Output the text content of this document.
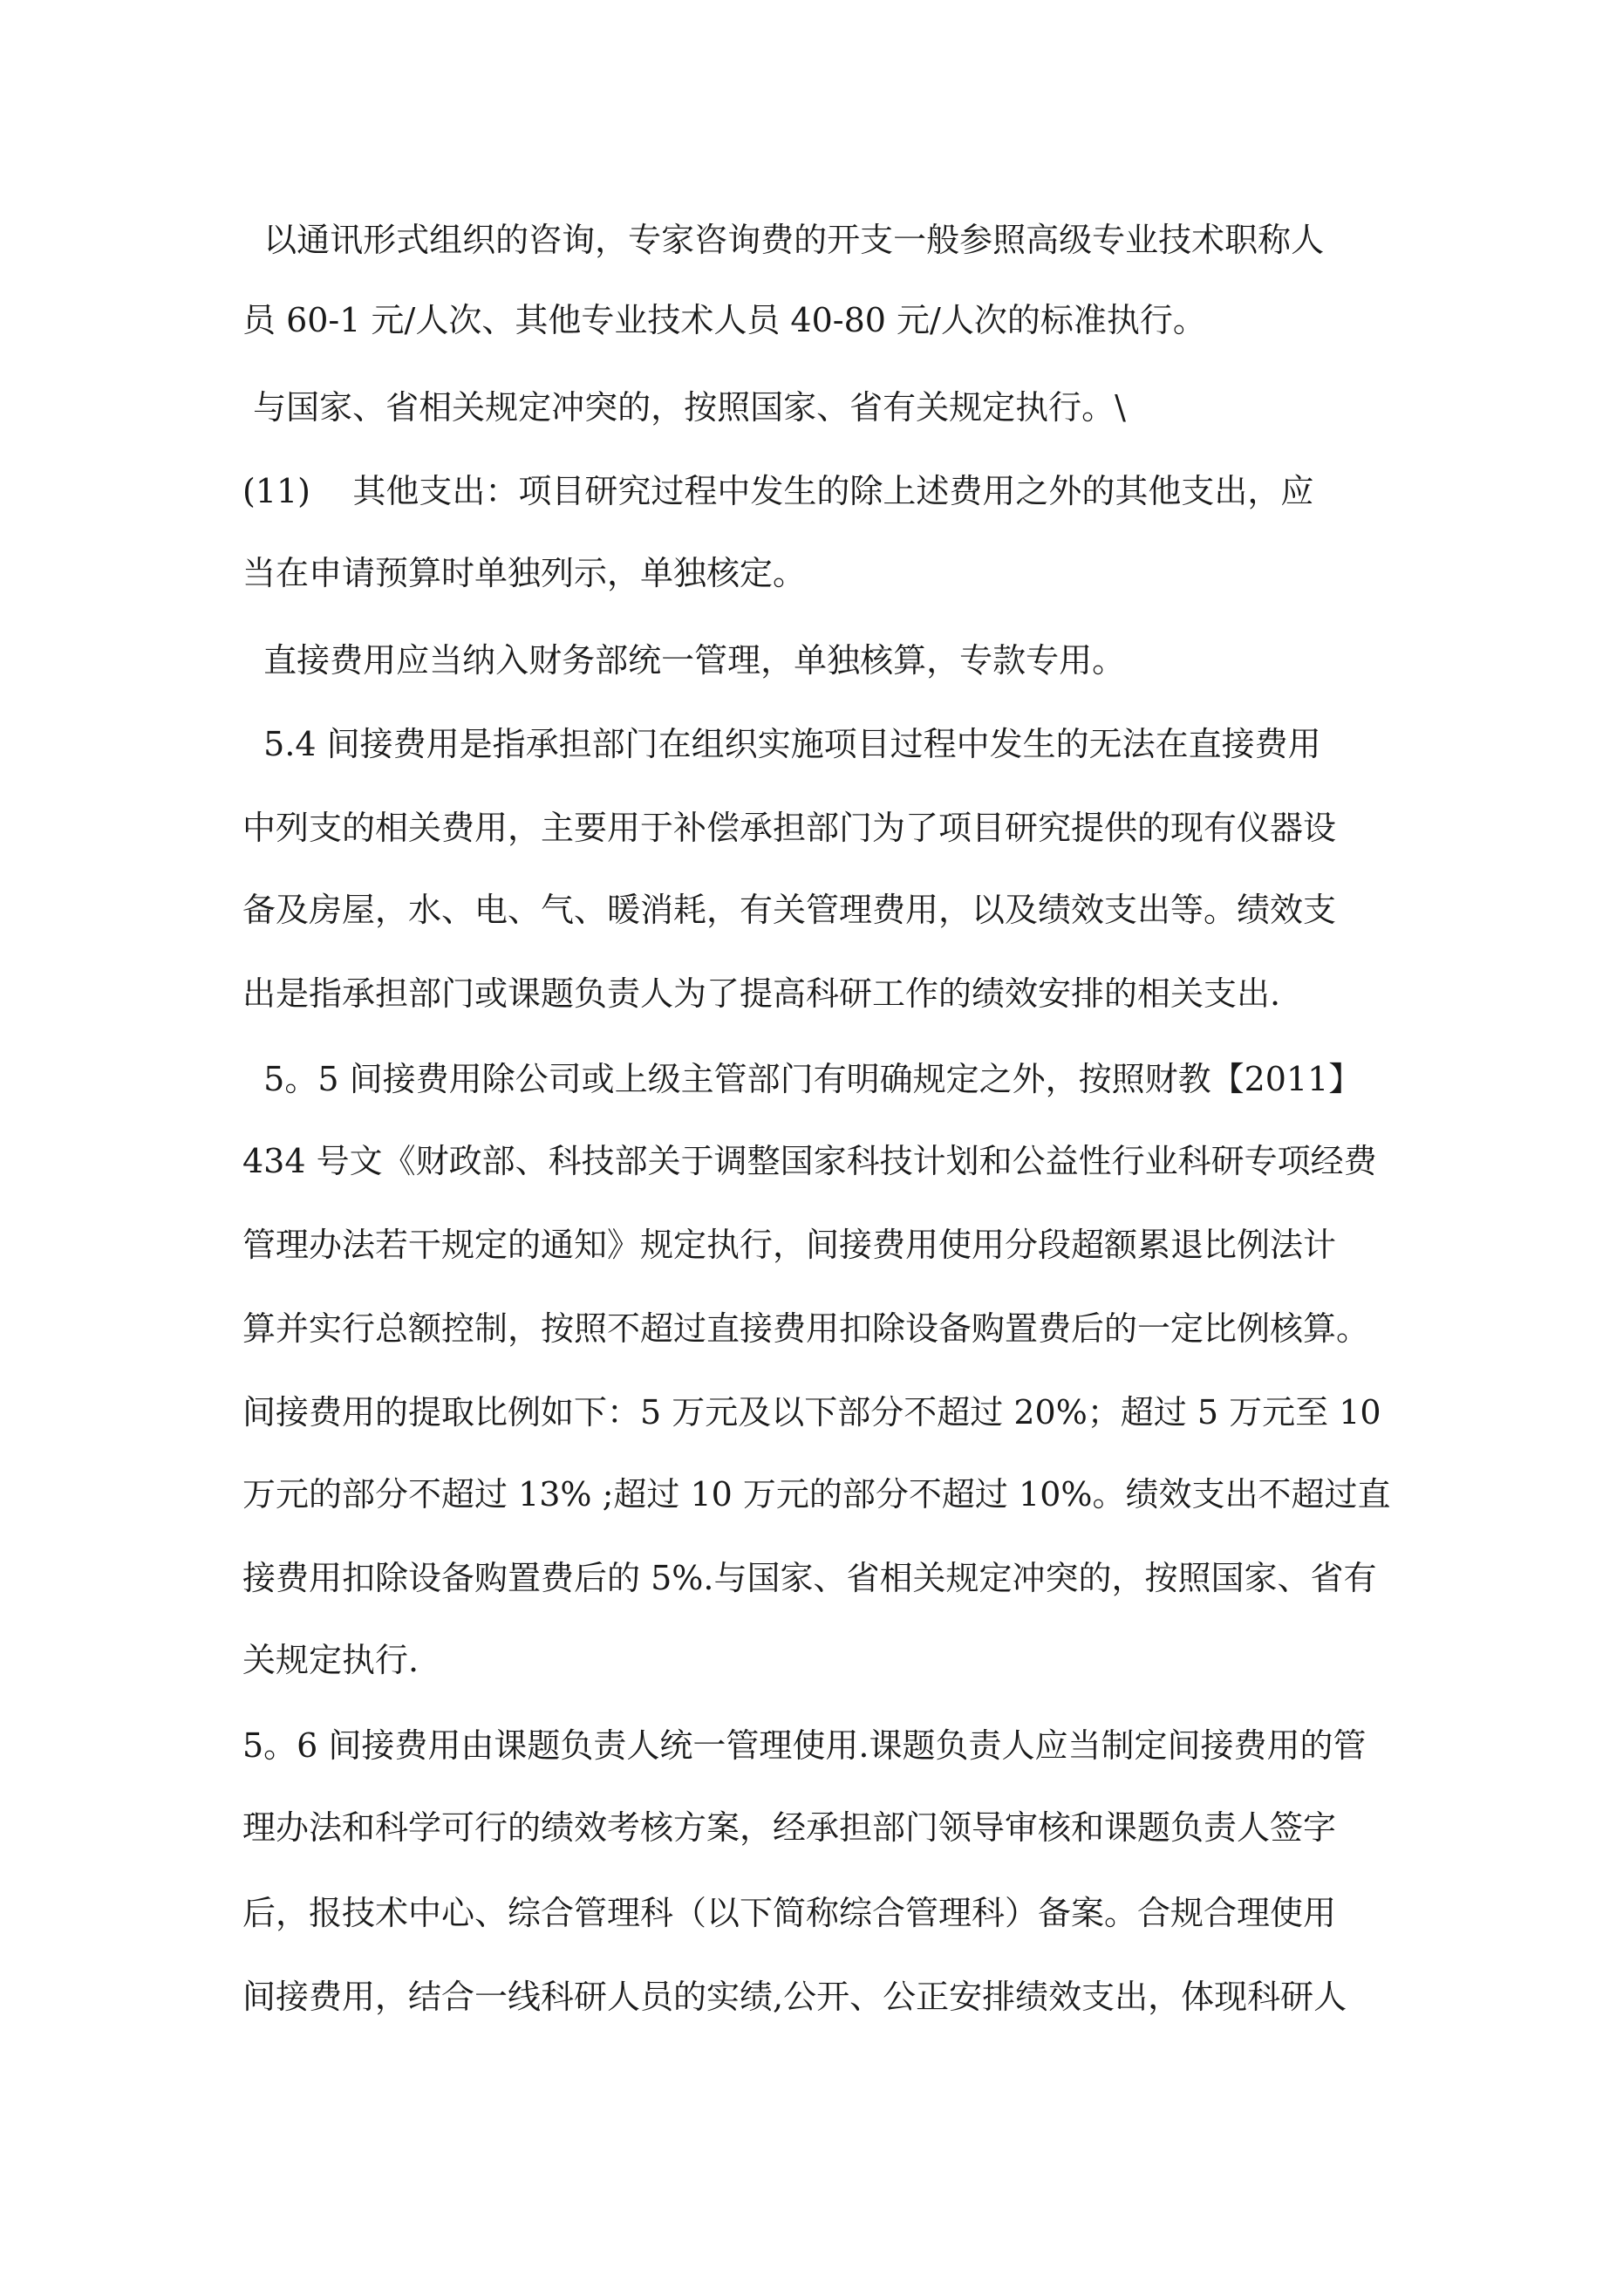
以通讯形式组织的咨询，专家咨询费的开支一般参照高级专业技术职称人
员 60-1 元/人次、其他专业技术人员 40-80 元/人次的标准执行。
与国家、省相关规定冲突的，按照国家、省有关规定执行。\
(11)    其他支出：项目研究过程中发生的除上述费用之外的其他支出，应
当在申请预算时单独列示，单独核定。
直接费用应当纳入财务部统一管理，单独核算，专款专用。
5.4 间接费用是指承担部门在组织实施项目过程中发生的无法在直接费用
中列支的相关费用，主要用于补偿承担部门为了项目研究提供的现有仪器设
备及房屋，水、电、气、暖消耗，有关管理费用，以及绩效支出等。绩效支
出是指承担部门或课题负责人为了提高科研工作的绩效安排的相关支出.
5。5 间接费用除公司或上级主管部门有明确规定之外，按照财教【2011】
434 号文《财政部、科技部关于调整国家科技计划和公益性行业科研专项经费
管理办法若干规定的通知》规定执行，间接费用使用分段超额累退比例法计
算并实行总额控制，按照不超过直接费用扣除设备购置费后的一定比例核算。
间接费用的提取比例如下：5 万元及以下部分不超过 20%；超过 5 万元至 10
万元的部分不超过 13% ;超过 10 万元的部分不超过 10%。绩效支出不超过直
接费用扣除设备购置费后的 5%.与国家、省相关规定冲突的，按照国家、省有
关规定执行.
5。6 间接费用由课题负责人统一管理使用.课题负责人应当制定间接费用的管
理办法和科学可行的绩效考核方案，经承担部门领导审核和课题负责人签字
后，报技术中心、综合管理科（以下简称综合管理科）备案。合规合理使用
间接费用，结合一线科研人员的实绩,公开、公正安排绩效支出，体现科研人
